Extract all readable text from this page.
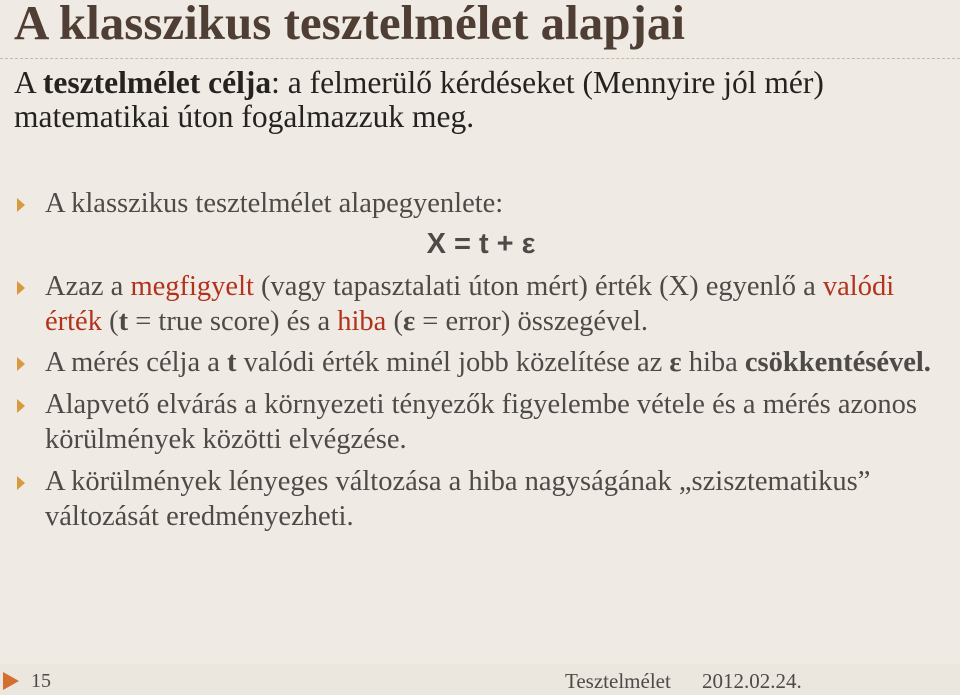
A klasszikus tesztelmélet alapjai
A tesztelmélet célja: a felmerülő kérdéseket (Mennyire jól mér) matematikai úton fogalmazzuk meg.
A klasszikus tesztelmélet alapegyenlete:
X = t + ε
Azaz a megfigyelt (vagy tapasztalati úton mért) érték (X) egyenlő a valódi érték (t = true score) és a hiba (ε = error) összegével.
A mérés célja a t valódi érték minél jobb közelítése az ε hiba csökkentésével.
Alapvető elvárás a környezeti tényezők figyelembe vétele és a mérés azonos körülmények közötti elvégzése.
A körülmények lényeges változása a hiba nagyságának „szisztematikus” változását eredményezheti.
15	Tesztelmélet 2012.02.24.
